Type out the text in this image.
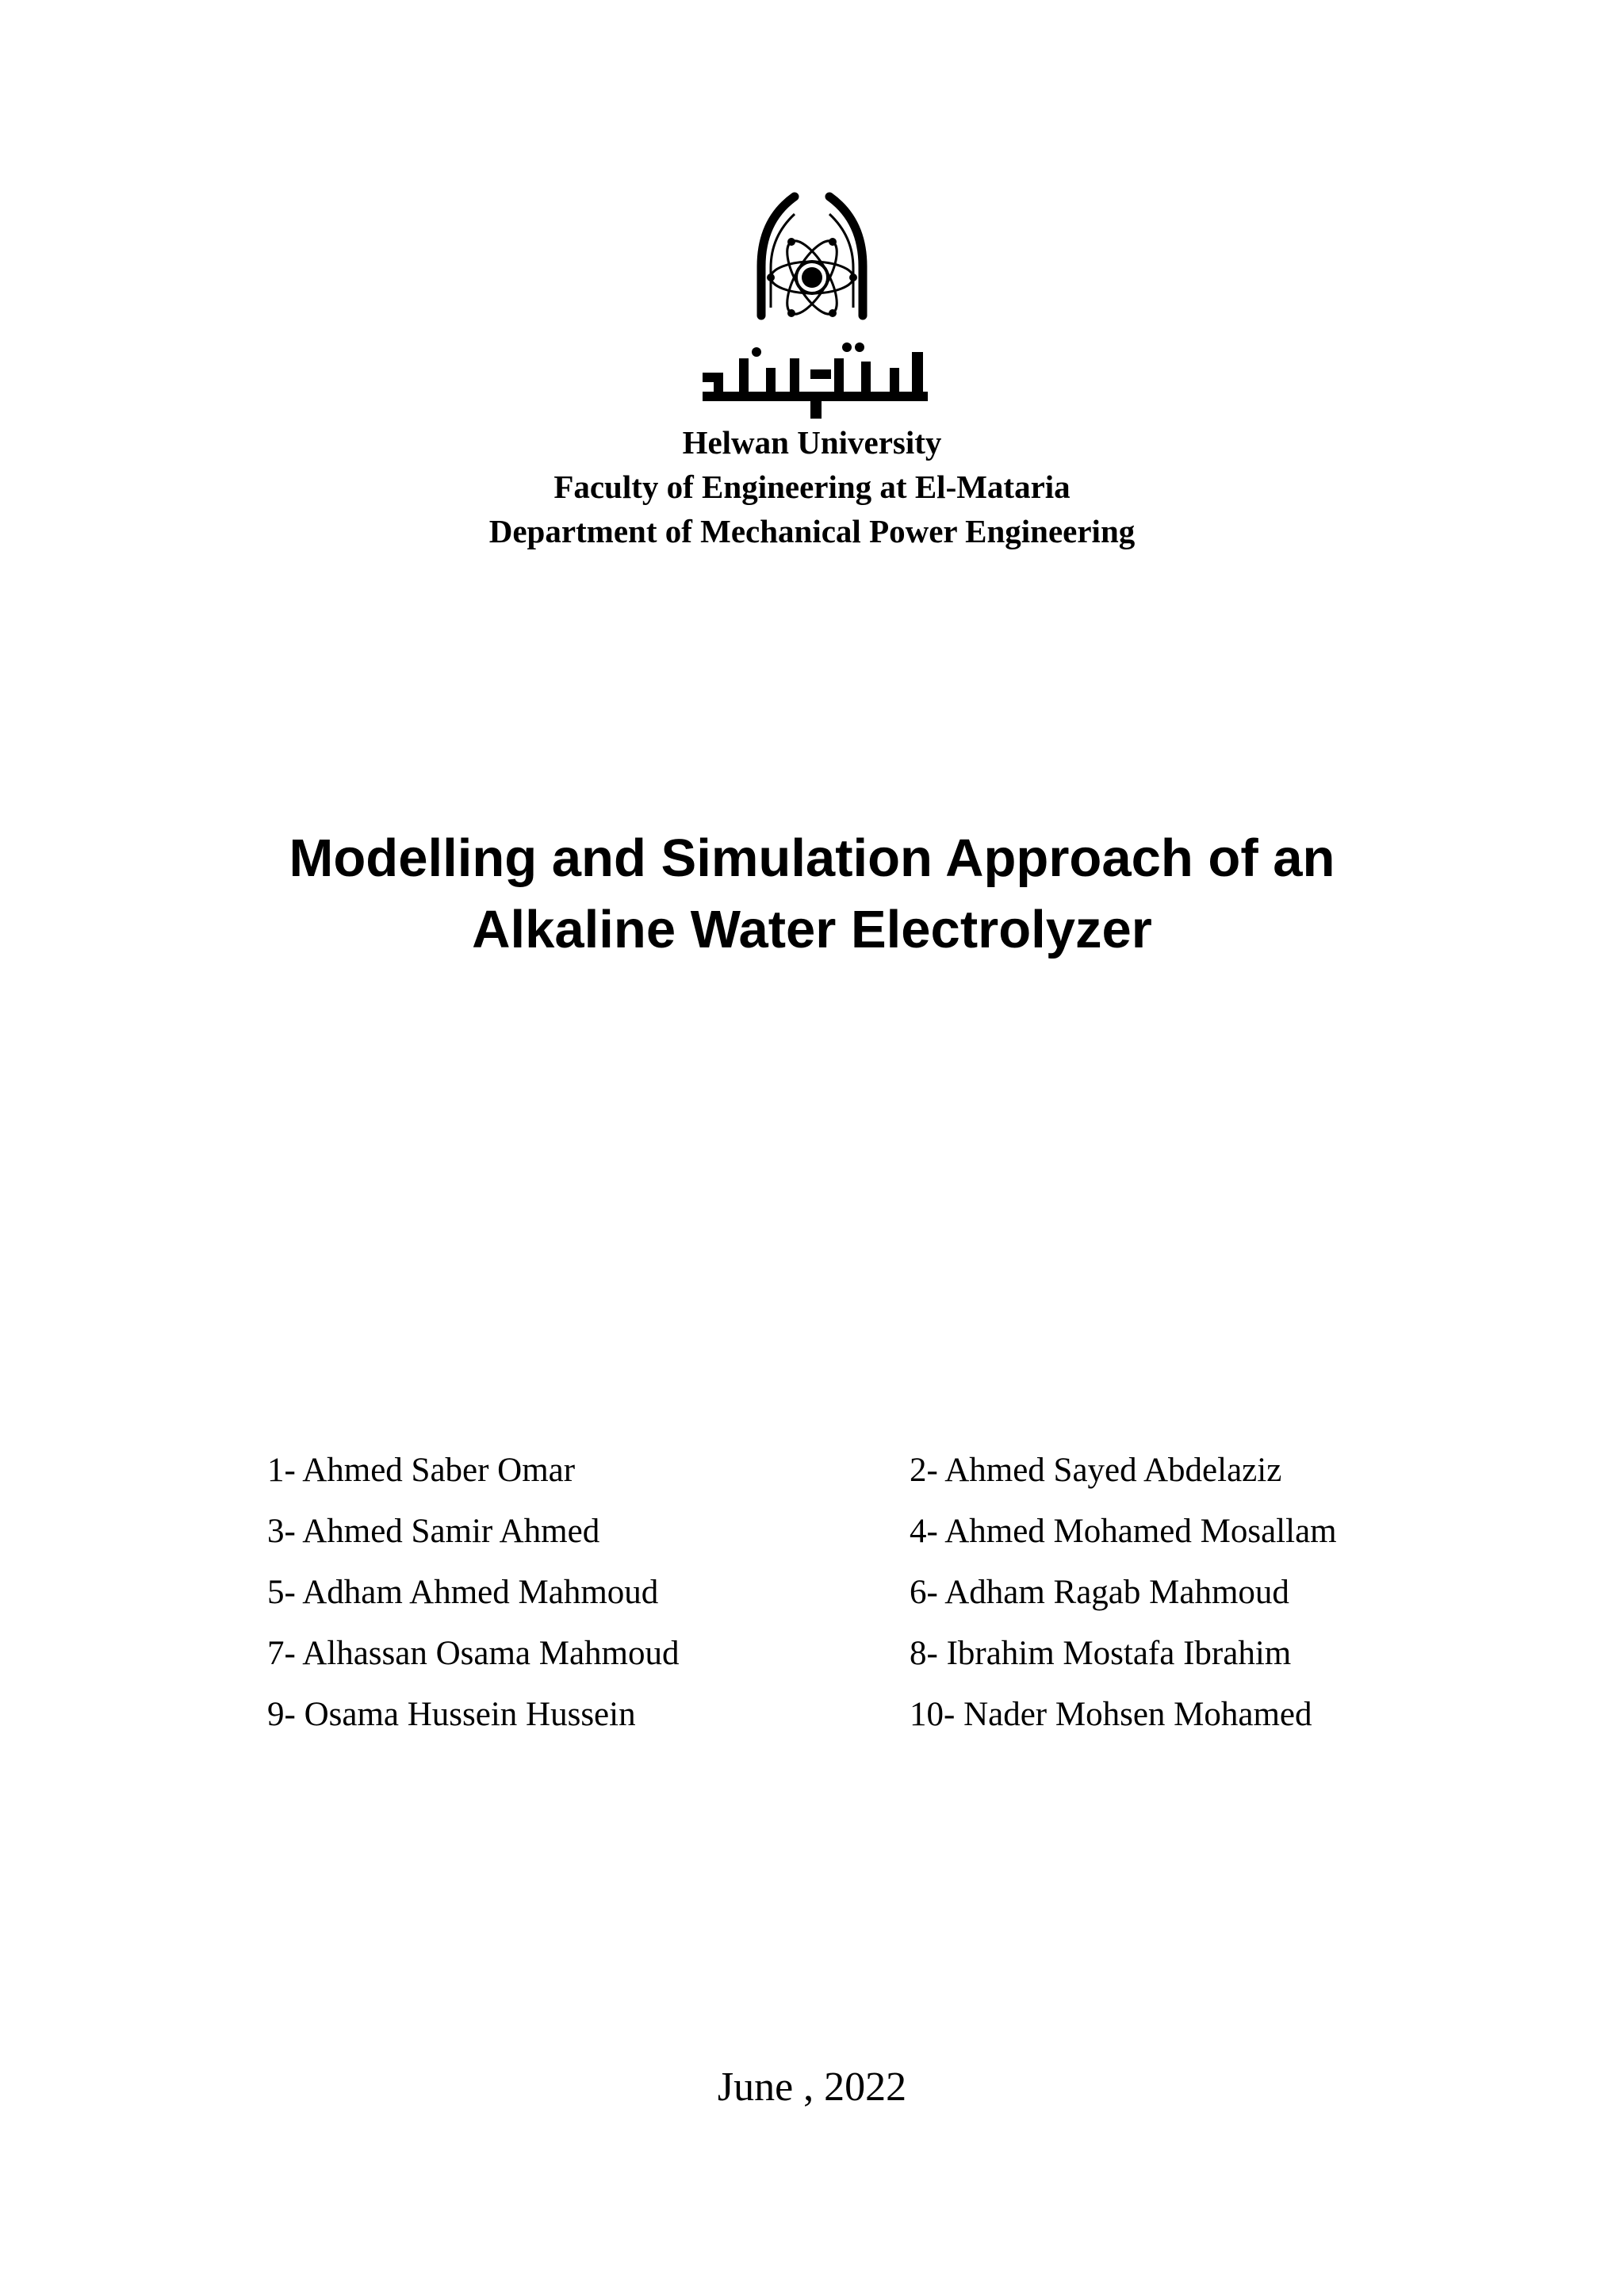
Helwan University
Faculty of Engineering at El-Mataria
Department of Mechanical Power Engineering
Modelling and Simulation Approach of an
Alkaline Water Electrolyzer
1- Ahmed Saber Omar	2- Ahmed Sayed Abdelaziz
3- Ahmed Samir Ahmed	4- Ahmed Mohamed Mosallam
5- Adham Ahmed Mahmoud	6- Adham Ragab Mahmoud
7- Alhassan Osama Mahmoud	8- Ibrahim Mostafa Ibrahim
9- Osama Hussein Hussein	10- Nader Mohsen Mohamed
June , 2022
